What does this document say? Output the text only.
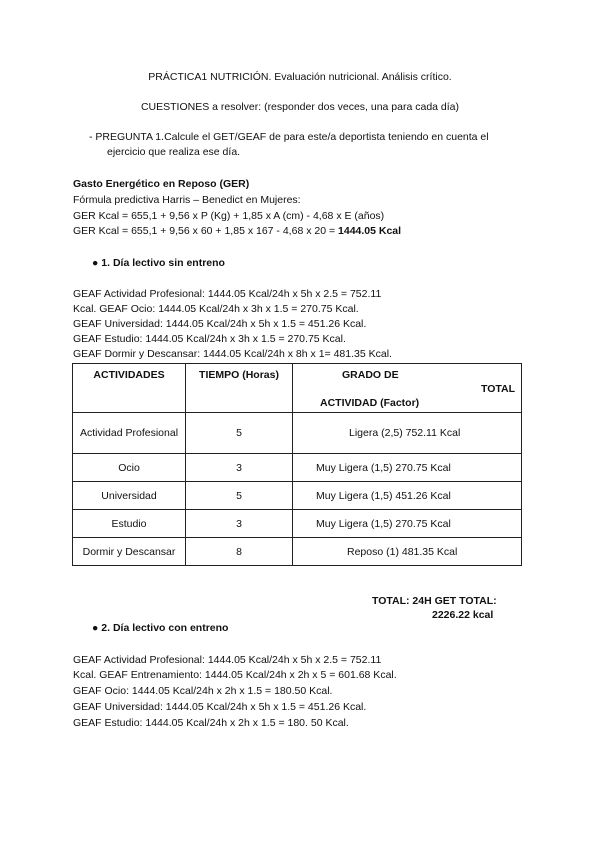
PRÁCTICA1 NUTRICIÓN. Evaluación nutricional. Análisis crítico.
CUESTIONES a resolver: (responder dos veces, una para cada día)
- PREGUNTA 1.Calcule el GET/GEAF de para este/a deportista teniendo en cuenta el
ejercicio que realiza ese día.
Gasto Energético en Reposo (GER)
Fórmula predictiva Harris – Benedict en Mujeres:
GER Kcal = 655,1 + 9,56 x P (Kg) + 1,85 x A (cm) - 4,68 x E (años)
GER Kcal = 655,1 + 9,56 x 60 + 1,85 x 167 - 4,68 x 20 = 1444.05 Kcal
● 1. Día lectivo sin entreno
GEAF Actividad Profesional: 1444.05 Kcal/24h x 5h x 2.5 = 752.11
Kcal. GEAF Ocio: 1444.05 Kcal/24h x 3h x 1.5 = 270.75 Kcal.
GEAF Universidad: 1444.05 Kcal/24h x 5h x 1.5 = 451.26 Kcal.
GEAF Estudio: 1444.05 Kcal/24h x 3h x 1.5 = 270.75 Kcal.
GEAF Dormir y Descansar: 1444.05 Kcal/24h x 8h x 1= 481.35 Kcal.
ACTIVIDADES	TIEMPO (Horas)	GRADO DE
TOTAL
ACTIVIDAD (Factor)

Actividad Profesional	5	Ligera (2,5) 752.11 Kcal
Ocio	3	Muy Ligera (1,5) 270.75 Kcal
Universidad	5	Muy Ligera (1,5) 451.26 Kcal
Estudio	3	Muy Ligera (1,5) 270.75 Kcal
Dormir y Descansar	8	Reposo (1) 481.35 Kcal
TOTAL: 24H GET TOTAL:
2226.22 kcal
● 2. Día lectivo con entreno
GEAF Actividad Profesional: 1444.05 Kcal/24h x 5h x 2.5 = 752.11
Kcal. GEAF Entrenamiento: 1444.05 Kcal/24h x 2h x 5 = 601.68 Kcal.
GEAF Ocio: 1444.05 Kcal/24h x 2h x 1.5 = 180.50 Kcal.
GEAF Universidad: 1444.05 Kcal/24h x 5h x 1.5 = 451.26 Kcal.
GEAF Estudio: 1444.05 Kcal/24h x 2h x 1.5 = 180. 50 Kcal.
